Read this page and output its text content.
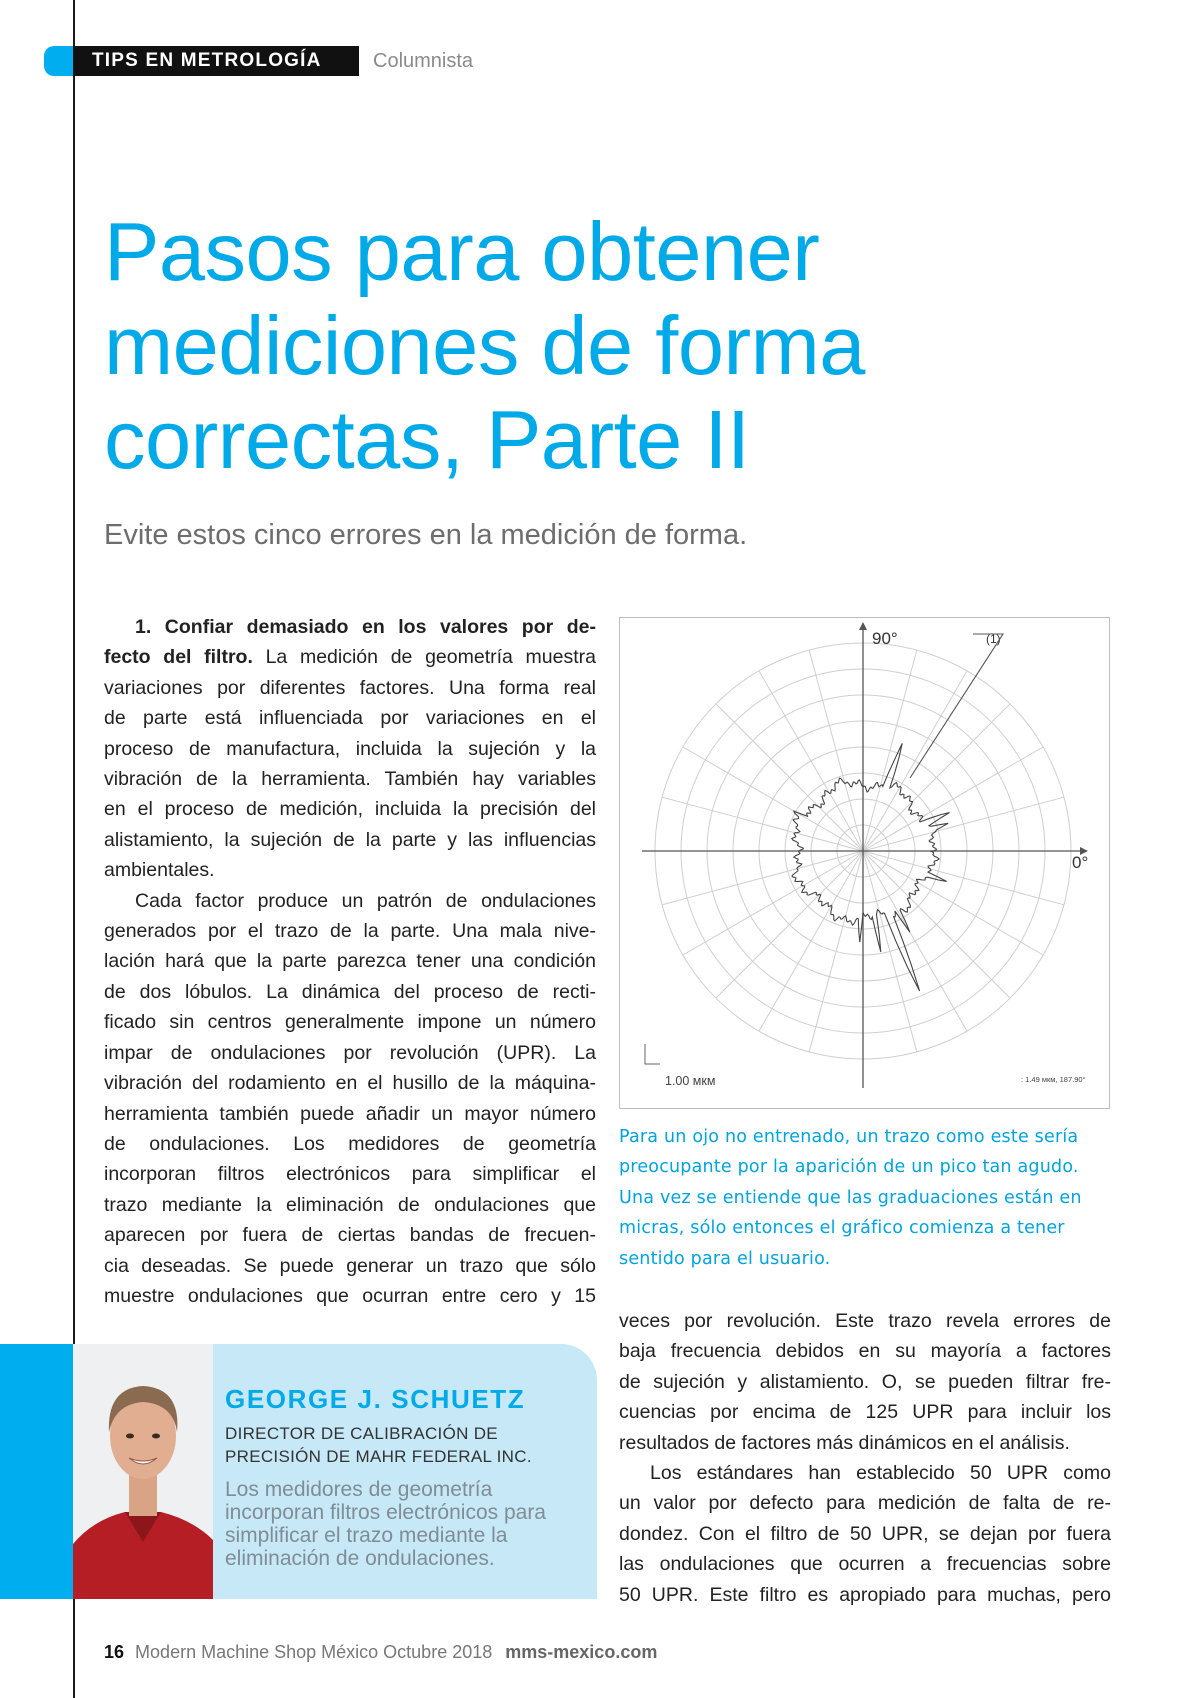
TIPS EN METROLOGÍA	Columnista
Pasos para obtener
mediciones de forma
correctas, Parte II
Evite estos cinco errores en la medición de forma.
1. Confiar demasiado en los valores por de-
fecto del filtro. La medición de geometría muestra
variaciones por diferentes factores. Una forma real
de parte está influenciada por variaciones en el
proceso de manufactura, incluida la sujeción y la
vibración de la herramienta. También hay variables
en el proceso de medición, incluida la precisión del
alistamiento, la sujeción de la parte y las influencias
ambientales.
Cada factor produce un patrón de ondulaciones
generados por el trazo de la parte. Una mala nive-
lación hará que la parte parezca tener una condición
de dos lóbulos. La dinámica del proceso de recti-
ficado sin centros generalmente impone un número
impar de ondulaciones por revolución (UPR). La
vibración del rodamiento en el husillo de la máquina-
herramienta también puede añadir un mayor número
de ondulaciones. Los medidores de geometría
incorporan filtros electrónicos para simplificar el
trazo mediante la eliminación de ondulaciones que
aparecen por fuera de ciertas bandas de frecuen-
cia deseadas. Se puede generar un trazo que sólo
muestre ondulaciones que ocurran entre cero y 15
90°
0°
(1)
1.00 мкм	: 1.49 мкм, 187.90°
Para un ojo no entrenado, un trazo como este sería
preocupante por la aparición de un pico tan agudo.
Una vez se entiende que las graduaciones están en
micras, sólo entonces el gráfico comienza a tener
sentido para el usuario.
veces por revolución. Este trazo revela errores de
baja frecuencia debidos en su mayoría a factores
de sujeción y alistamiento. O, se pueden filtrar fre-
cuencias por encima de 125 UPR para incluir los
resultados de factores más dinámicos en el análisis.
Los estándares han establecido 50 UPR como
un valor por defecto para medición de falta de re-
dondez. Con el filtro de 50 UPR, se dejan por fuera
las ondulaciones que ocurren a frecuencias sobre
50 UPR. Este filtro es apropiado para muchas, pero
GEORGE J. SCHUETZ
DIRECTOR DE CALIBRACIÓN DE
PRECISIÓN DE MAHR FEDERAL INC.
Los medidores de geometría
incorporan filtros electrónicos para
simplificar el trazo mediante la
eliminación de ondulaciones.
16 Modern Machine Shop México Octubre 2018 mms-mexico.com
